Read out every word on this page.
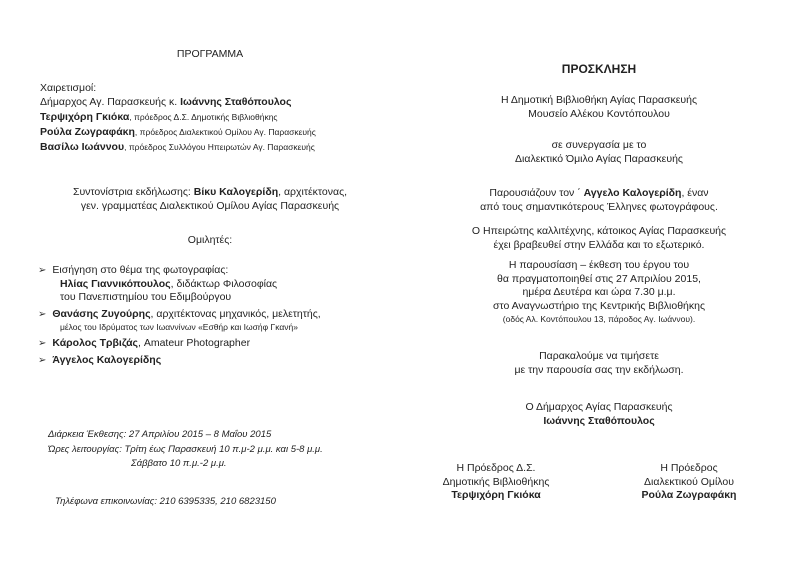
ΠΡΟΓΡΑΜΜΑ
Χαιρετισμοί:
Δήμαρχος Αγ. Παρασκευής κ. Ιωάννης Σταθόπουλος
Τερψιχόρη Γκιόκα, πρόεδρος Δ.Σ. Δημοτικής Βιβλιοθήκης
Ρούλα Ζωγραφάκη, πρόεδρος Διαλεκτικού Ομίλου Αγ. Παρασκευής
Βασίλω Ιωάννου, πρόεδρος Συλλόγου Ηπειρωτών Αγ. Παρασκευής
Συντονίστρια εκδήλωσης: Βίκυ Καλογερίδη, αρχιτέκτονας,
γεν. γραμματέας Διαλεκτικού Ομίλου Αγίας Παρασκευής
Ομιλητές:
➢ Εισήγηση στο θέμα της φωτογραφίας:
Ηλίας Γιαννικόπουλος, διδάκτωρ Φιλοσοφίας
του Πανεπιστημίου του Εδιμβούργου
➢ Θανάσης Ζυγούρης, αρχιτέκτονας μηχανικός, μελετητής,
μέλος του Ιδρύματος των Ιωαννίνων «Εσθήρ και Ιωσήφ Γκανή»
➢ Κάρολος Τρβιζάς, Amateur Photographer
➢ Άγγελος Καλογερίδης
Διάρκεια Έκθεσης: 27 Απριλίου 2015 – 8 Μαΐου 2015
Ώρες λειτουργίας: Τρίτη έως Παρασκευή 10 π.μ-2 μ.μ. και 5-8 μ.μ.
Σάββατο 10 π.μ.-2 μ.μ.
Τηλέφωνα επικοινωνίας: 210 6395335, 210 6823150
ΠΡΟΣΚΛΗΣΗ
Η Δημοτική Βιβλιοθήκη Αγίας Παρασκευής
Μουσείο Αλέκου Κοντόπουλου
σε συνεργασία με το
Διαλεκτικό Όμιλο Αγίας Παρασκευής
Παρουσιάζουν τον ΄ Αγγελο Καλογερίδη, έναν
από τους σημαντικότερους Έλληνες φωτογράφους.
Ο Ηπειρώτης καλλιτέχνης, κάτοικος Αγίας Παρασκευής
έχει βραβευθεί στην Ελλάδα και το εξωτερικό.
Η παρουσίαση – έκθεση του έργου του
θα πραγματοποιηθεί στις 27 Απριλίου 2015,
ημέρα Δευτέρα και ώρα 7.30 μ.μ.
στο Αναγνωστήριο της Κεντρικής Βιβλιοθήκης
(οδός Αλ. Κοντόπουλου 13, πάροδος Αγ. Ιωάννου).
Παρακαλούμε να τιμήσετε
με την παρουσία σας την εκδήλωση.
Ο Δήμαρχος Αγίας Παρασκευής
Ιωάννης Σταθόπουλος
Η Πρόεδρος Δ.Σ.
Δημοτικής Βιβλιοθήκης
Τερψιχόρη Γκιόκα
Η Πρόεδρος
Διαλεκτικού Ομίλου
Ρούλα Ζωγραφάκη
